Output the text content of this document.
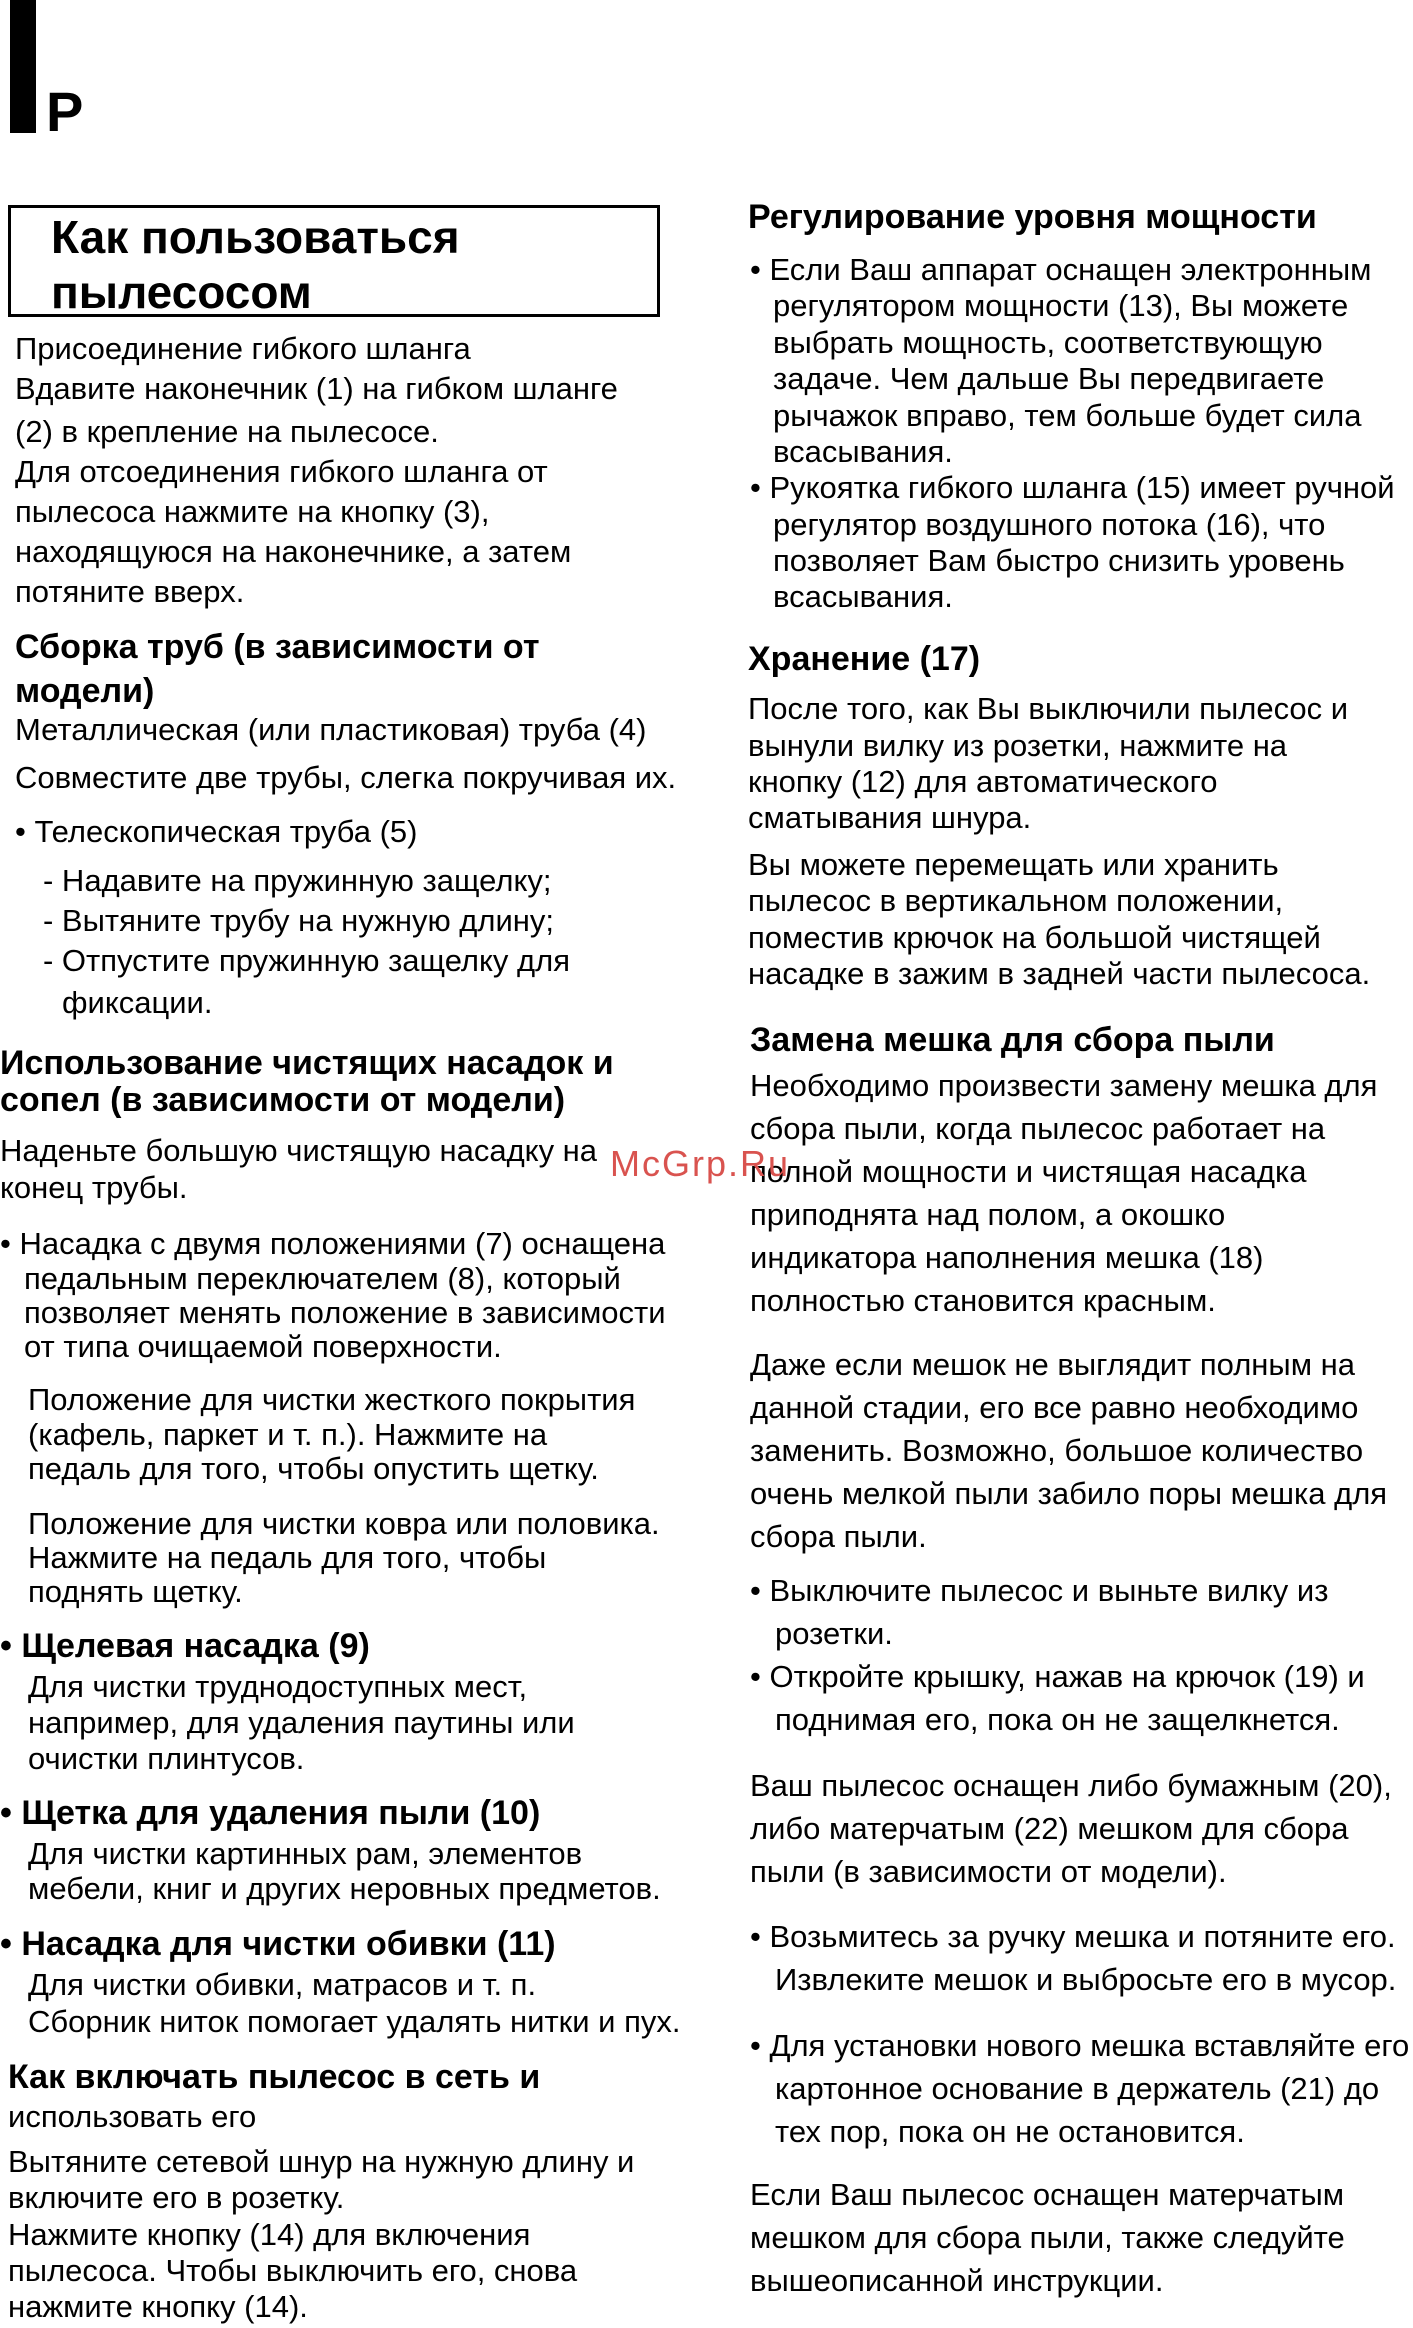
P
Как пользоваться
пылесосом
Присоединение гибкого шланга
Вдавите наконечник (1) на гибком шланге
(2) в крепление на пылесосе.
Для отсоединения гибкого шланга от
пылесоса нажмите на кнопку (3),
находящуюся на наконечнике, а затем
потяните вверх.
Сборка труб (в зависимости от
модели)
Металлическая (или пластиковая) труба (4)
Совместите две трубы, слегка покручивая их.
• Телескопическая труба (5)
- Надавите на пружинную защелку;
- Вытяните трубу на нужную длину;
- Отпустите пружинную защелку для
фиксации.
Использование чистящих насадок и
сопел (в зависимости от модели)
Наденьте большую чистящую насадку на
конец трубы.
• Насадка с двумя положениями (7) оснащена
педальным переключателем (8), который
позволяет менять положение в зависимости
от типа очищаемой поверхности.
Положение для чистки жесткого покрытия
(кафель, паркет и т. п.). Нажмите на
педаль для того, чтобы опустить щетку.
Положение для чистки ковра или половика.
Нажмите на педаль для того, чтобы
поднять щетку.
• Щелевая насадка (9)
Для чистки труднодоступных мест,
например, для удаления паутины или
очистки плинтусов.
• Щетка для удаления пыли (10)
Для чистки картинных рам, элементов
мебели, книг и других неровных предметов.
• Насадка для чистки обивки (11)
Для чистки обивки, матрасов и т. п.
Сборник ниток помогает удалять нитки и пух.
Как включать пылесос в сеть и
использовать его
Вытяните сетевой шнур на нужную длину и
включите его в розетку.
Нажмите кнопку (14) для включения
пылесоса. Чтобы выключить его, снова
нажмите кнопку (14).
Регулирование уровня мощности
• Если Ваш аппарат оснащен электронным
регулятором мощности (13), Вы можете
выбрать мощность, соответствующую
задаче. Чем дальше Вы передвигаете
рычажок вправо, тем больше будет сила
всасывания.
• Рукоятка гибкого шланга (15) имеет ручной
регулятор воздушного потока (16), что
позволяет Вам быстро снизить уровень
всасывания.
Хранение (17)
После того, как Вы выключили пылесос и
вынули вилку из розетки, нажмите на
кнопку (12) для автоматического
сматывания шнура.
Вы можете перемещать или хранить
пылесос в вертикальном положении,
поместив крючок на большой чистящей
насадке в зажим в задней части пылесоса.
Замена мешка для сбора пыли
Необходимо произвести замену мешка для
сбора пыли, когда пылесос работает на
полной мощности и чистящая насадка
приподнята над полом, а окошко
индикатора наполнения мешка (18)
полностью становится красным.
Даже если мешок не выглядит полным на
данной стадии, его все равно необходимо
заменить. Возможно, большое количество
очень мелкой пыли забило поры мешка для
сбора пыли.
• Выключите пылесос и выньте вилку из
розетки.
• Откройте крышку, нажав на крючок (19) и
поднимая его, пока он не защелкнется.
Ваш пылесос оснащен либо бумажным (20),
либо матерчатым (22) мешком для сбора
пыли (в зависимости от модели).
• Возьмитесь за ручку мешка и потяните его.
Извлеките мешок и выбросьте его в мусор.
• Для установки нового мешка вставляйте его
картонное основание в держатель (21) до
тех пор, пока он не остановится.
Если Ваш пылесос оснащен матерчатым
мешком для сбора пыли, также следуйте
вышеописанной инструкции.
McGrp.Ru
